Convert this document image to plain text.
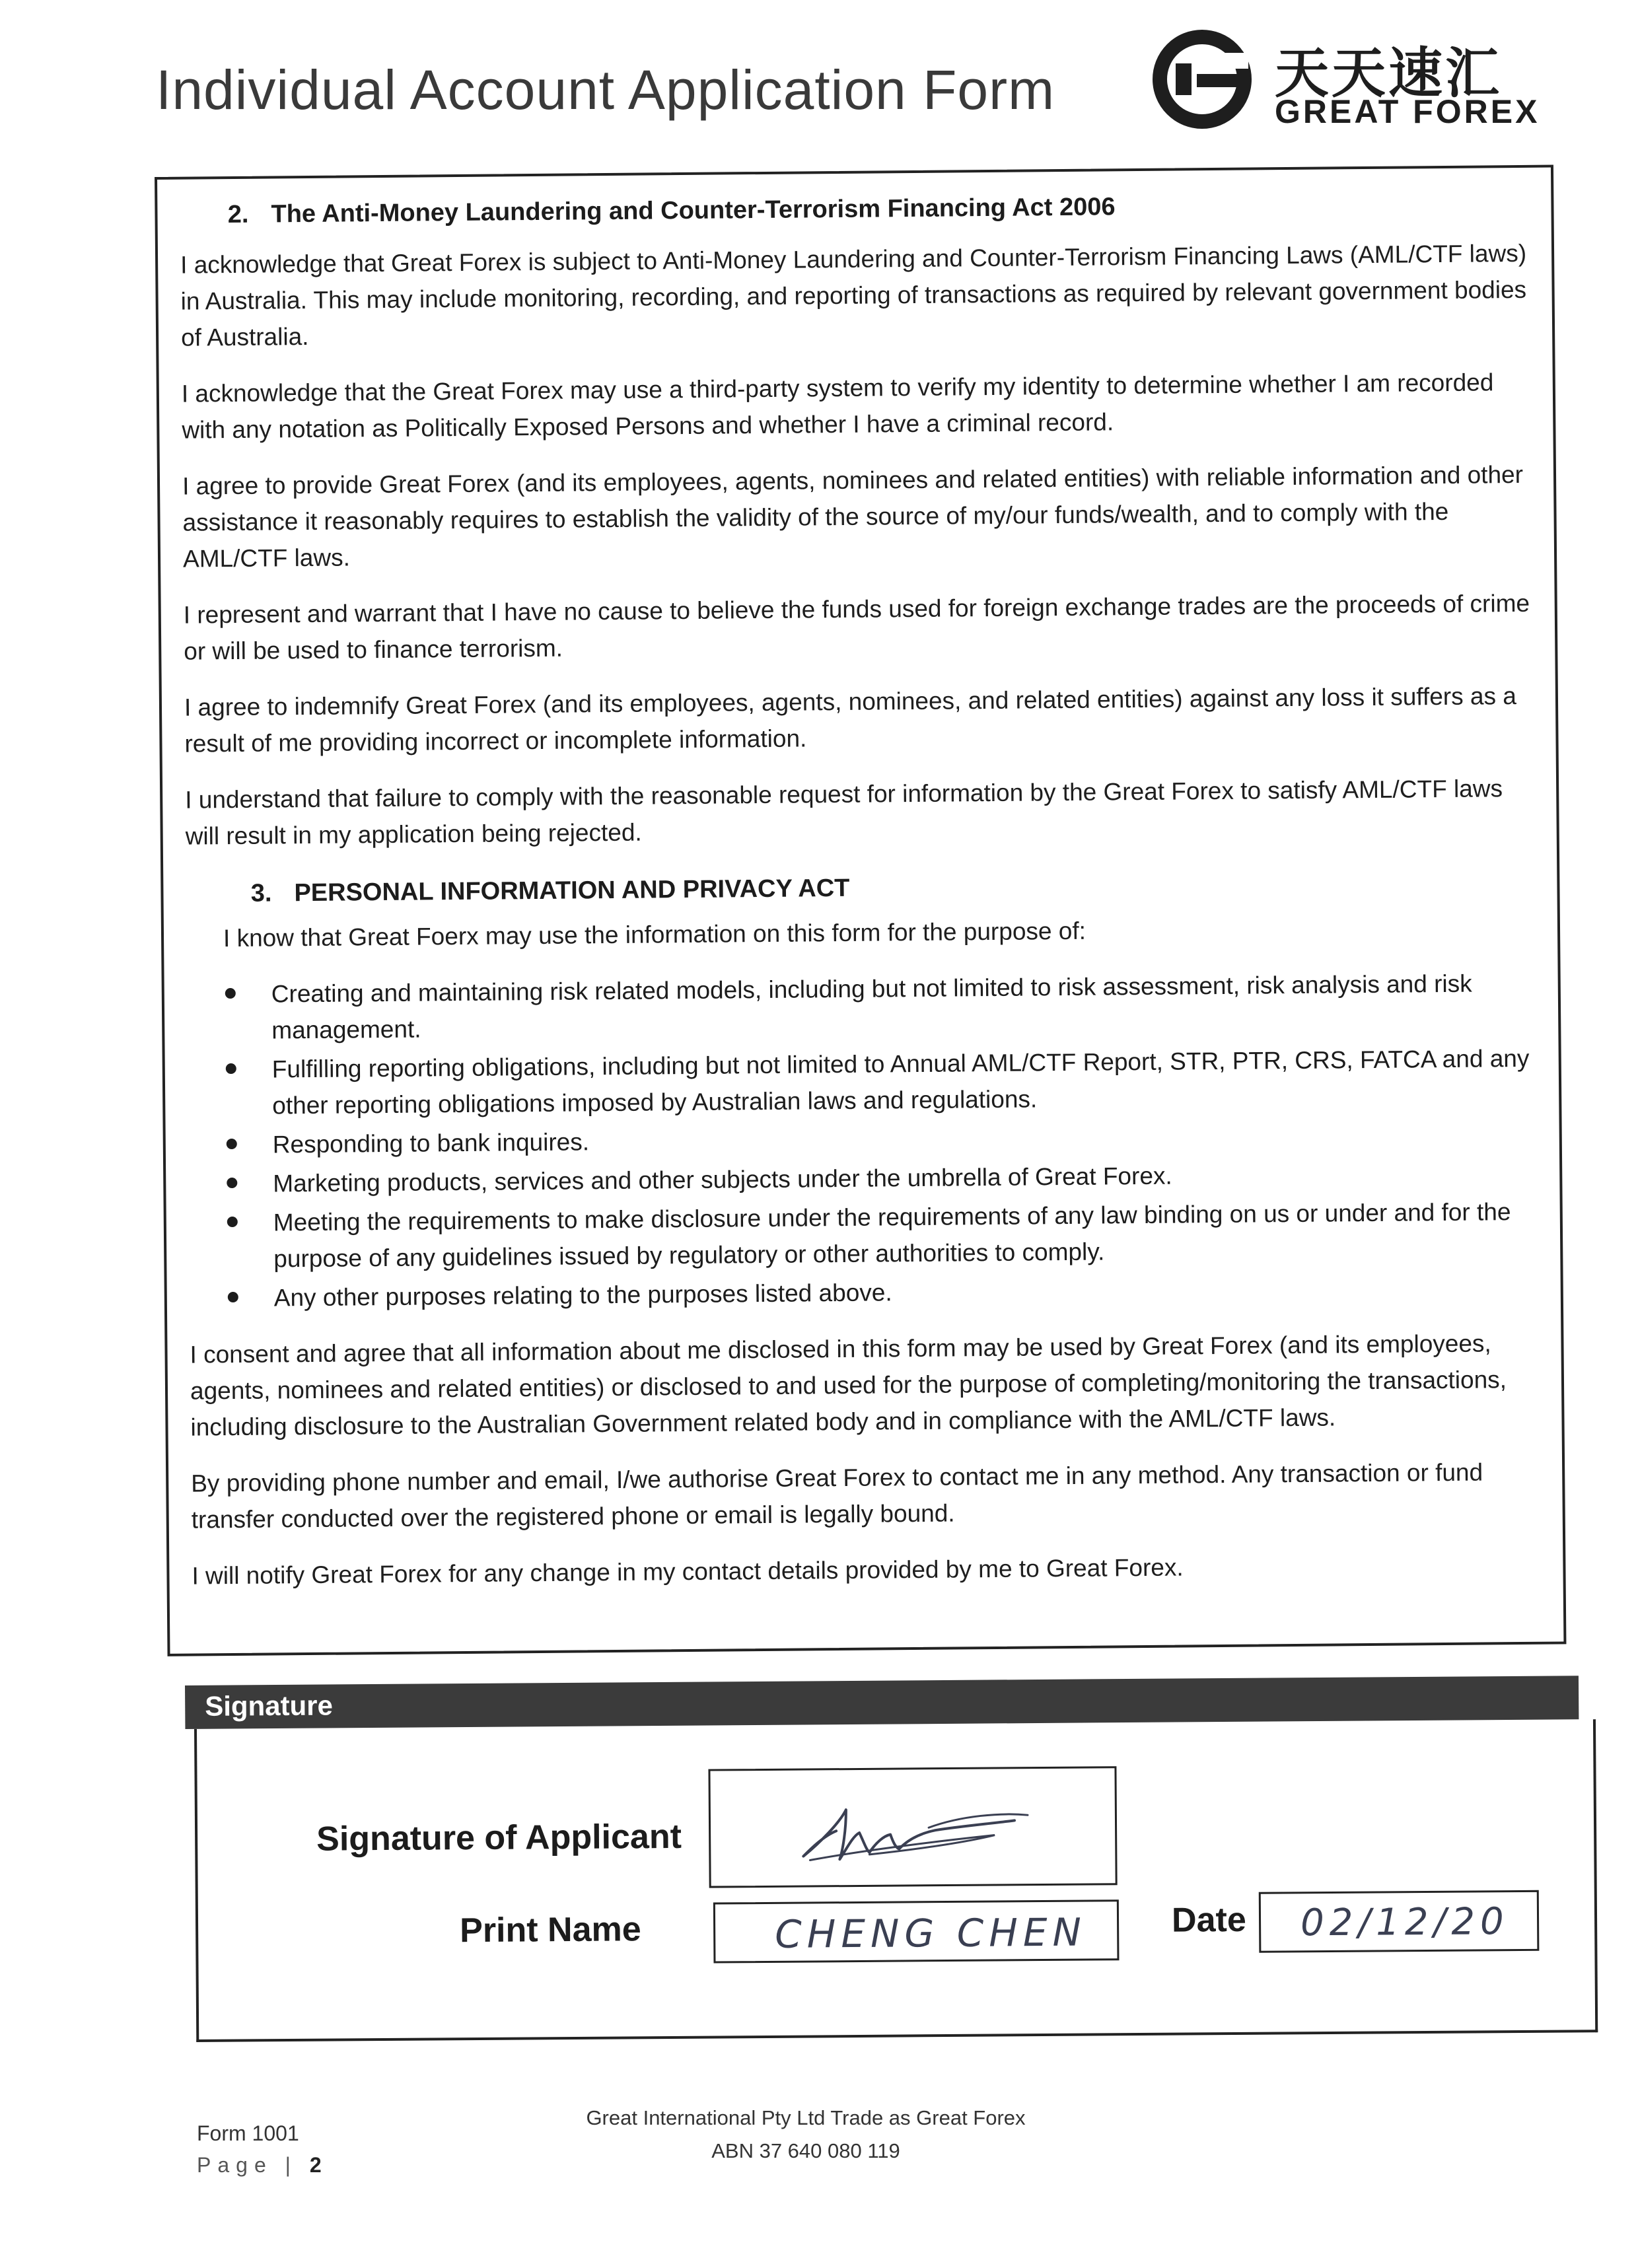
Individual Account Application Form	天天速汇
GREAT FOREX
2. The Anti-Money Laundering and Counter-Terrorism Financing Act 2006

I acknowledge that Great Forex is subject to Anti-Money Laundering and Counter-Terrorism Financing Laws (AML/CTF laws) in Australia. This may include monitoring, recording, and reporting of transactions as required by relevant government bodies of Australia.

I acknowledge that the Great Forex may use a third-party system to verify my identity to determine whether I am recorded with any notation as Politically Exposed Persons and whether I have a criminal record.

I agree to provide Great Forex (and its employees, agents, nominees and related entities) with reliable information and other assistance it reasonably requires to establish the validity of the source of my/our funds/wealth, and to comply with the AML/CTF laws.

I represent and warrant that I have no cause to believe the funds used for foreign exchange trades are the proceeds of crime or will be used to finance terrorism.

I agree to indemnify Great Forex (and its employees, agents, nominees, and related entities) against any loss it suffers as a result of me providing incorrect or incomplete information.

I understand that failure to comply with the reasonable request for information by the Great Forex to satisfy AML/CTF laws will result in my application being rejected.

3. PERSONAL INFORMATION AND PRIVACY ACT

I know that Great Foerx may use the information on this form for the purpose of:

Creating and maintaining risk related models, including but not limited to risk assessment, risk analysis and risk management.
Fulfilling reporting obligations, including but not limited to Annual AML/CTF Report, STR, PTR, CRS, FATCA and any other reporting obligations imposed by Australian laws and regulations.
Responding to bank inquires.
Marketing products, services and other subjects under the umbrella of Great Forex.
Meeting the requirements to make disclosure under the requirements of any law binding on us or under and for the purpose of any guidelines issued by regulatory or other authorities to comply.
Any other purposes relating to the purposes listed above.

I consent and agree that all information about me disclosed in this form may be used by Great Forex (and its employees, agents, nominees and related entities) or disclosed to and used for the purpose of completing/monitoring the transactions, including disclosure to the Australian Government related body and in compliance with the AML/CTF laws.

By providing phone number and email, I/we authorise Great Forex to contact me in any method. Any transaction or fund transfer conducted over the registered phone or email is legally bound.

I will notify Great Forex for any change in my contact details provided by me to Great Forex.

Signature
Signature of Applicant
Print Name	CHENG CHEN Date 02/12/20
Form 1001
Page | 2
Great International Pty Ltd Trade as Great Forex
ABN 37 640 080 119
